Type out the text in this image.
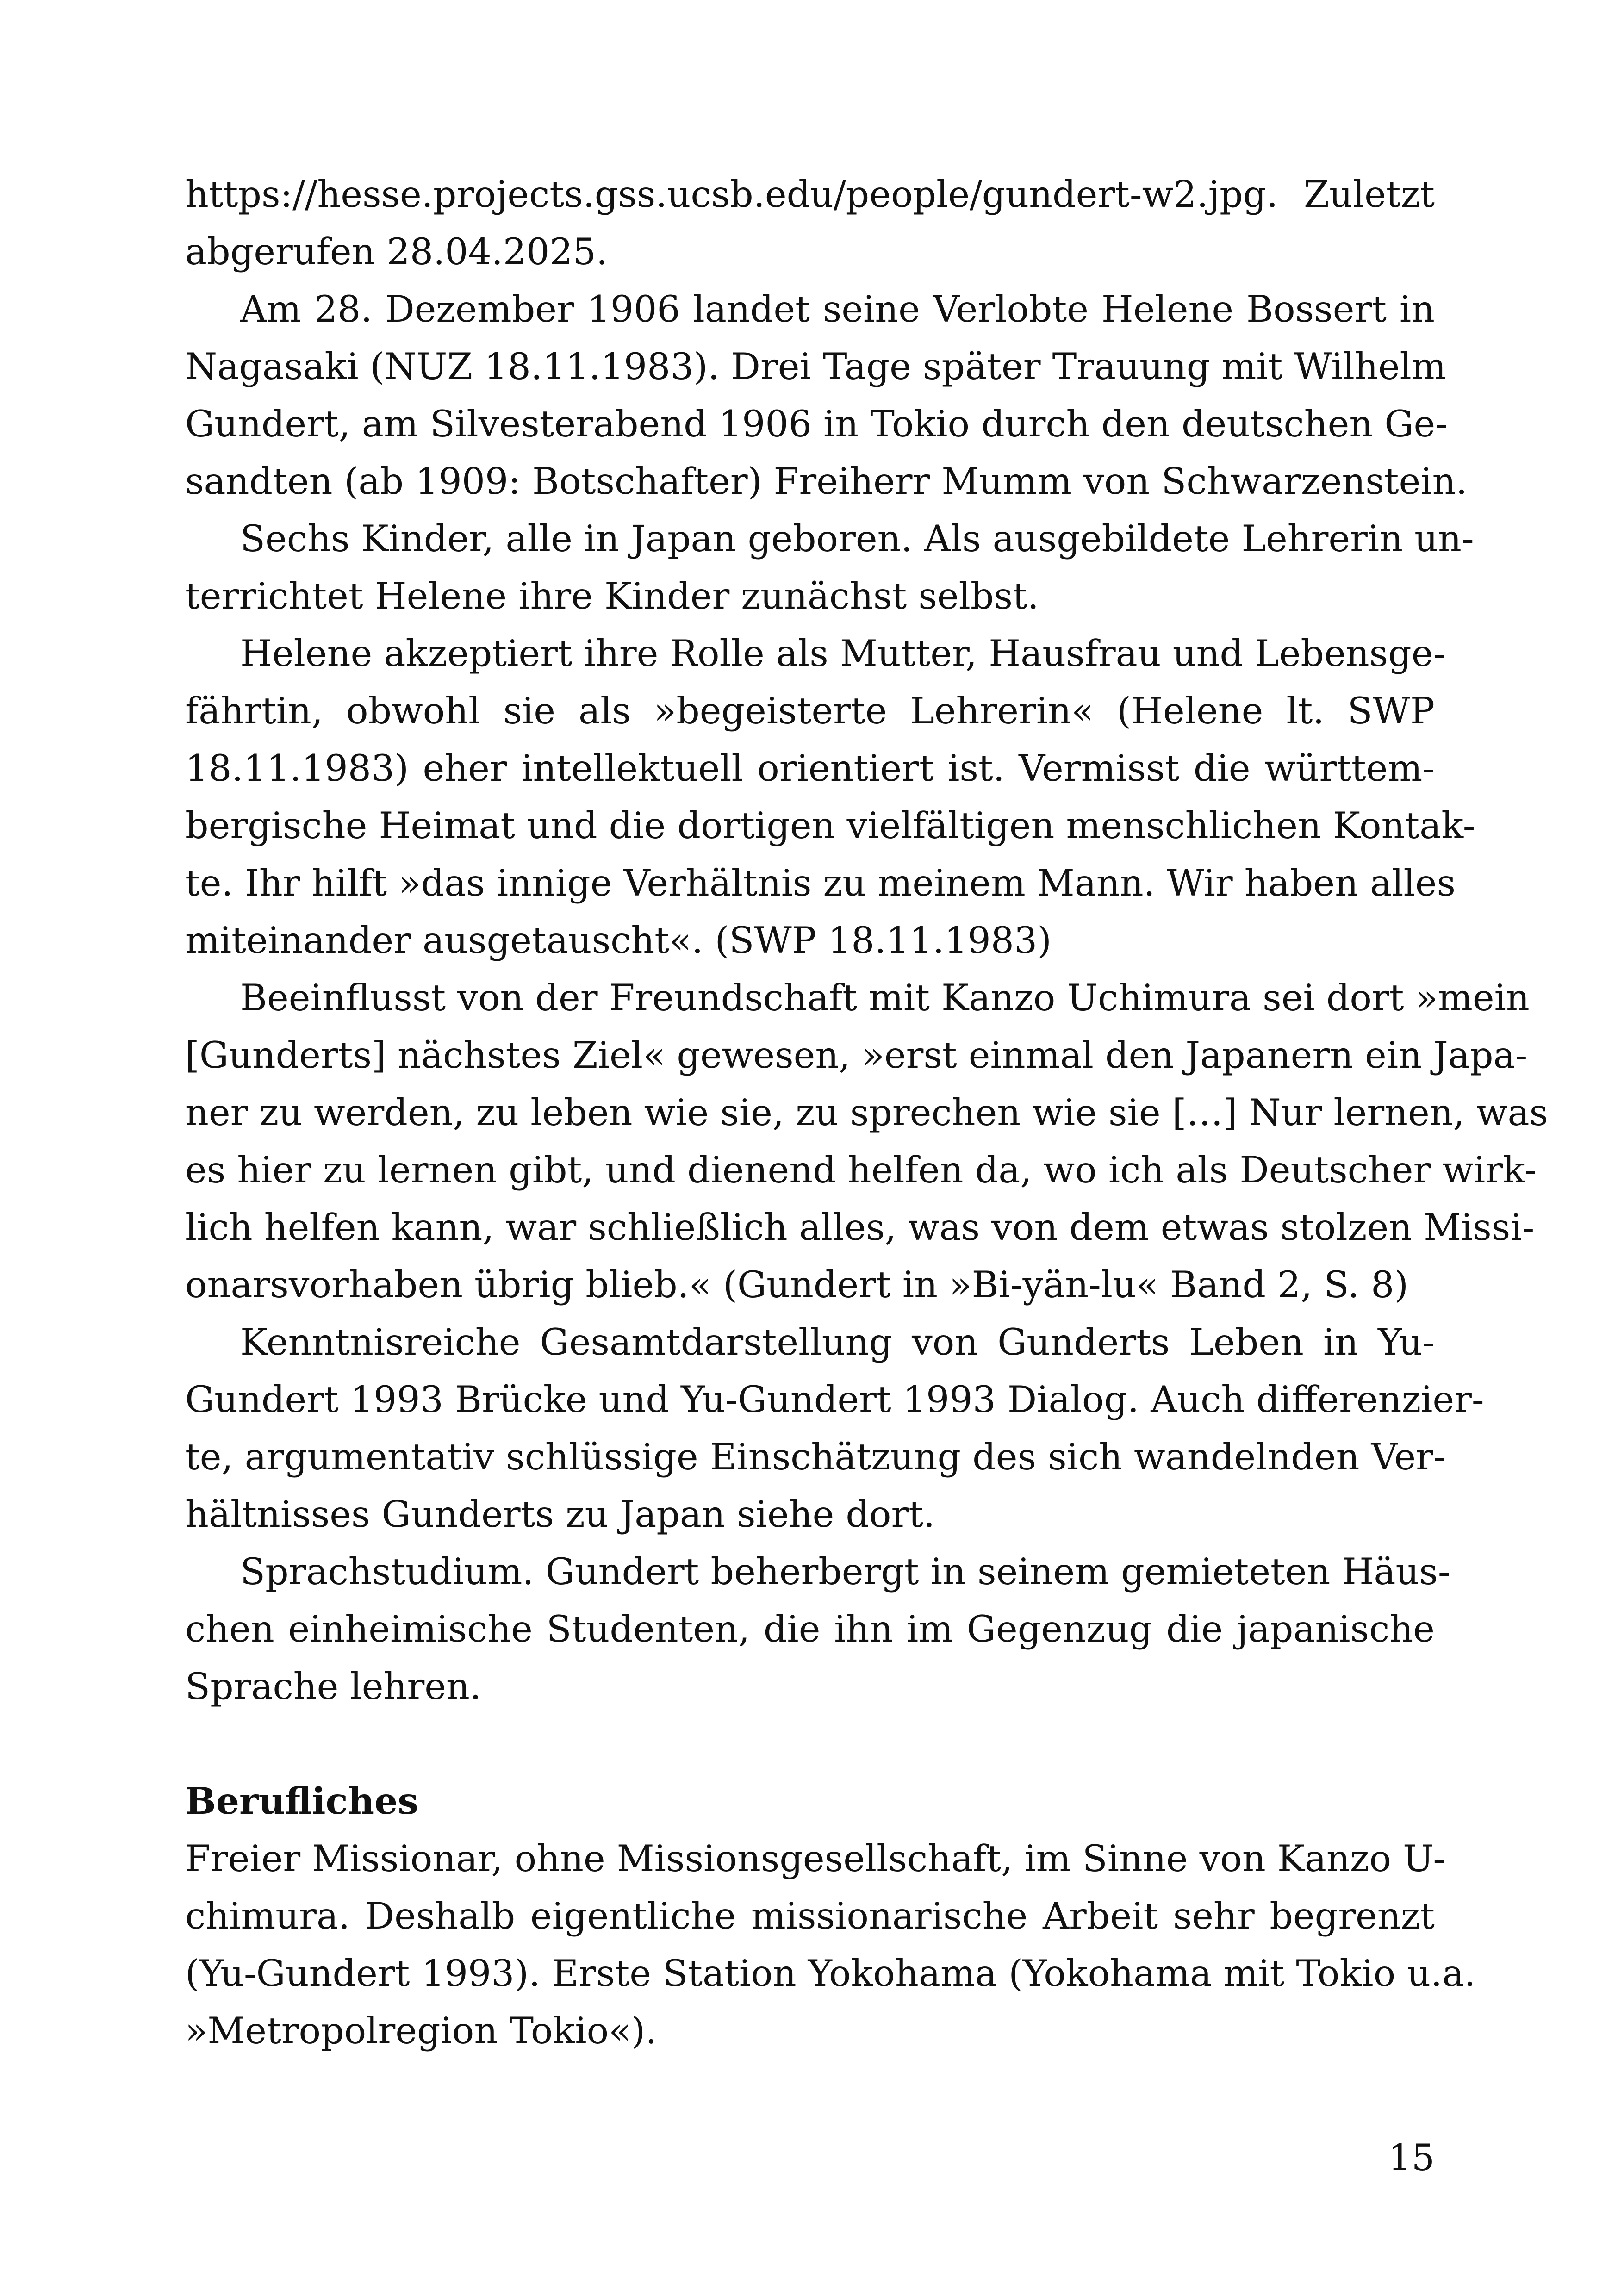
https://hesse.projects.gss.ucsb.edu/people/gundert-w2.jpg. Zuletzt
abgerufen 28.04.2025.
Am 28. Dezember 1906 landet seine Verlobte Helene Bossert in
Nagasaki (NUZ 18.11.1983). Drei Tage später Trauung mit Wilhelm
Gundert, am Silvesterabend 1906 in Tokio durch den deutschen Ge-
sandten (ab 1909: Botschafter) Freiherr Mumm von Schwarzenstein.
Sechs Kinder, alle in Japan geboren. Als ausgebildete Lehrerin un-
terrichtet Helene ihre Kinder zunächst selbst.
Helene akzeptiert ihre Rolle als Mutter, Hausfrau und Lebensge-
fährtin, obwohl sie als »begeisterte Lehrerin« (Helene lt. SWP
18.11.1983) eher intellektuell orientiert ist. Vermisst die württem-
bergische Heimat und die dortigen vielfältigen menschlichen Kontak-
te. Ihr hilft »das innige Verhältnis zu meinem Mann. Wir haben alles
miteinander ausgetauscht«. (SWP 18.11.1983)
Beeinflusst von der Freundschaft mit Kanzo Uchimura sei dort »mein
[Gunderts] nächstes Ziel« gewesen, »erst einmal den Japanern ein Japa-
ner zu werden, zu leben wie sie, zu sprechen wie sie […] Nur lernen, was
es hier zu lernen gibt, und dienend helfen da, wo ich als Deutscher wirk-
lich helfen kann, war schließlich alles, was von dem etwas stolzen Missi-
onarsvorhaben übrig blieb.« (Gundert in »Bi-yän-lu« Band 2, S. 8)
Kenntnisreiche Gesamtdarstellung von Gunderts Leben in Yu-
Gundert 1993 Brücke und Yu-Gundert 1993 Dialog. Auch differenzier-
te, argumentativ schlüssige Einschätzung des sich wandelnden Ver-
hältnisses Gunderts zu Japan siehe dort.
Sprachstudium. Gundert beherbergt in seinem gemieteten Häus-
chen einheimische Studenten, die ihn im Gegenzug die japanische
Sprache lehren.
Berufliches
Freier Missionar, ohne Missionsgesellschaft, im Sinne von Kanzo U-
chimura. Deshalb eigentliche missionarische Arbeit sehr begrenzt
(Yu-Gundert 1993). Erste Station Yokohama (Yokohama mit Tokio u.a.
»Metropolregion Tokio«).
15
